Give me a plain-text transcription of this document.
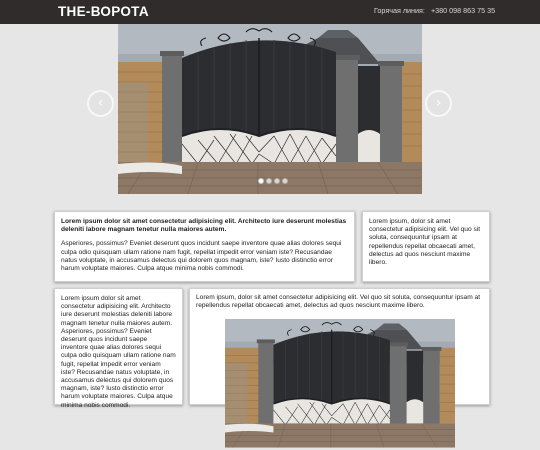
THE-ВОРОТА	Горячая линия: +380 098 863 75 35
‹	›

Lorem ipsum dolor sit amet consectetur adipisicing elit. Architecto iure deserunt molestias deleniti labore magnam tenetur nulla maiores autem.

Asperiores, possimus? Eveniet deserunt quos incidunt saepe inventore quae alias dolores sequi culpa odio quisquam ullam ratione nam fugit, repellat impedit error veniam iste? Recusandae natus voluptate, in accusamus delectus qui dolorem quos magnam, iste? Iusto distinctio error harum voluptate maiores. Culpa atque minima nobis commodi.

Lorem ipsum, dolor sit amet consectetur adipisicing elit. Vel quo sit soluta, consequuntur ipsam at repellendus repellat obcaecati amet, delectus ad quos nesciunt maxime libero.

Lorem ipsum dolor sit amet consectetur adipisicing elit. Architecto iure deserunt molestias deleniti labore magnam tenetur nulla maiores autem. Asperiores, possimus? Eveniet deserunt quos incidunt saepe inventore quae alias dolores sequi culpa odio quisquam ullam ratione nam fugit, repellat impedit error veniam iste? Recusandae natus voluptate, in accusamus delectus qui dolorem quos magnam, iste? Iusto distinctio error harum voluptate maiores. Culpa atque minima nobis commodi.

Lorem ipsum, dolor sit amet consectetur adipisicing elit. Vel quo sit soluta, consequuntur ipsam at repellendus repellat obcaecati amet, delectus ad quos nesciunt maxime libero.
